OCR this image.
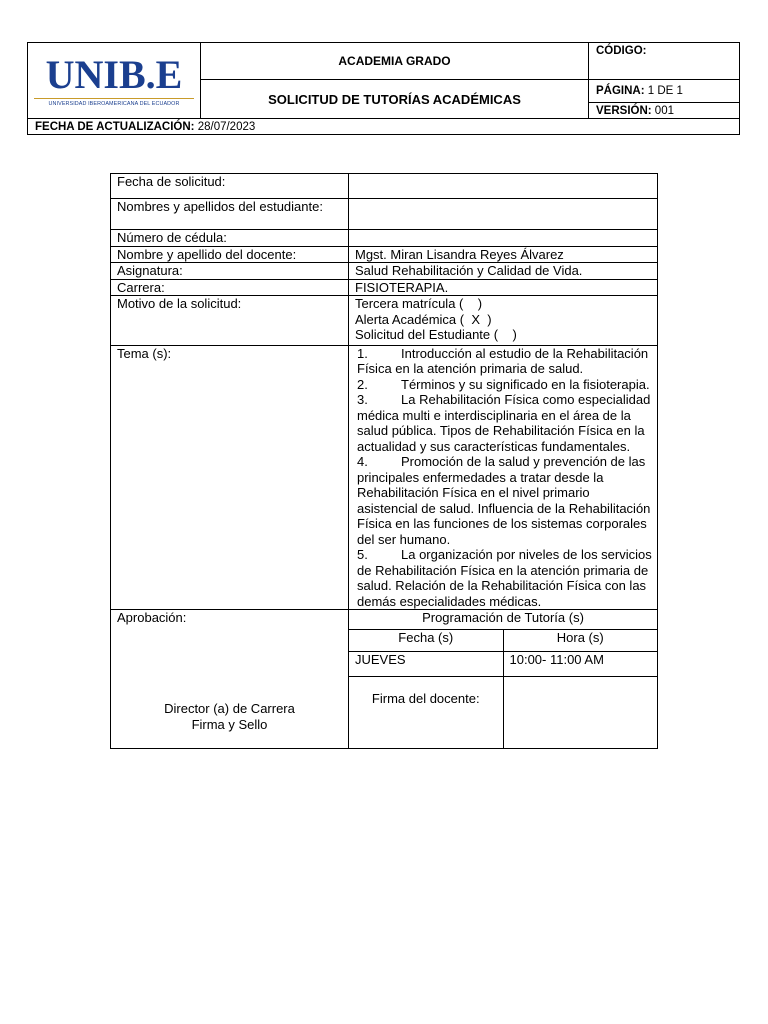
UNIB.E
UNIVERSIDAD IBEROAMERICANA DEL ECUADOR	ACADEMIA GRADO	CÓDIGO:
	SOLICITUD DE TUTORÍAS ACADÉMICAS	PÁGINA: 1 DE 1
		VERSIÓN: 001
FECHA DE ACTUALIZACIÓN: 28/07/2023		
Fecha de solicitud:	
Nombres y apellidos del estudiante:	
Número de cédula:	
Nombre y apellido del docente:	Mgst. Miran Lisandra Reyes Álvarez
Asignatura:	Salud Rehabilitación y Calidad de Vida.
Carrera:	FISIOTERAPIA.
Motivo de la solicitud:	Tercera matrícula (    )
Alerta Académica (  X  )
Solicitud del Estudiante (    )

Tema (s):	1.	Introducción al estudio de la Rehabilitación Física en la atención primaria de salud.
2.	Términos y su significado en la fisioterapia.
3.	La Rehabilitación Física como especialidad médica multi e interdisciplinaria en el área de la salud pública. Tipos de Rehabilitación Física en la actualidad y sus características fundamentales.
4.	Promoción de la salud y prevención de las principales enfermedades a tratar desde la Rehabilitación Física en el nivel primario asistencial de salud. Influencia de la Rehabilitación Física en las funciones de los sistemas corporales del ser humano.
5.	La organización por niveles de los servicios de Rehabilitación Física en la atención primaria de salud. Relación de la Rehabilitación Física con las demás especialidades médicas.

Aprobación:
Director (a) de Carrera
Firma y Sello

Programación de Tutoría (s)
Fecha (s)	Hora (s)
JUEVES	10:00- 11:00 AM
Firma del docente:	
